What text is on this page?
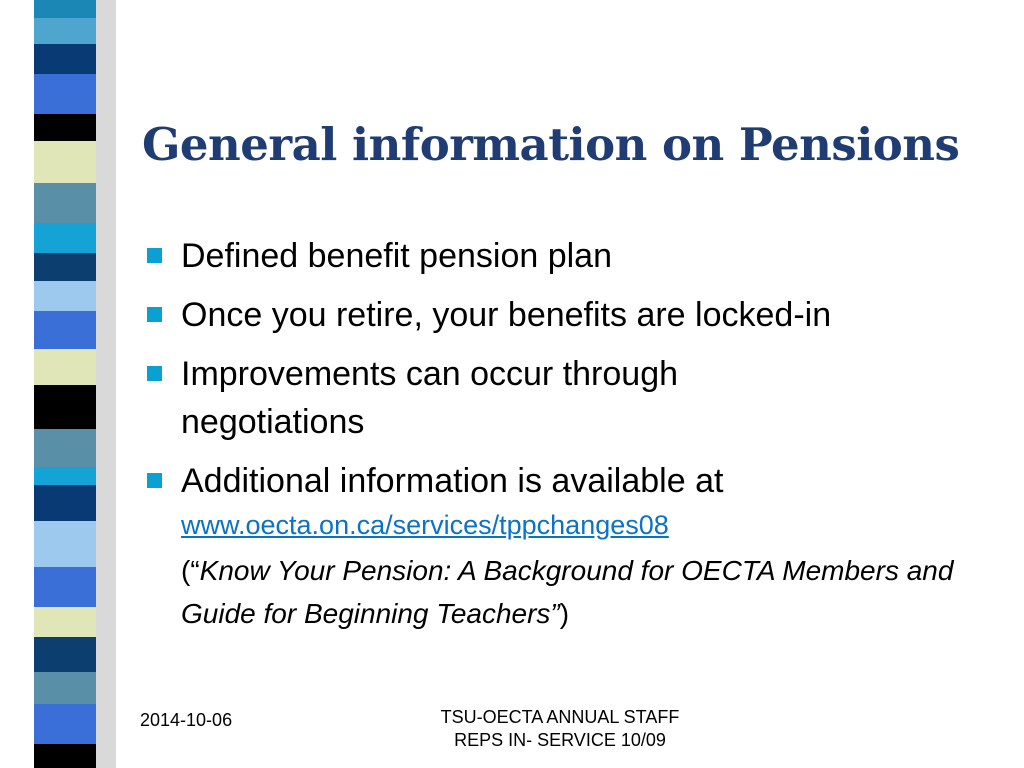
General information on Pensions
Defined benefit pension plan
Once you retire, your benefits are locked-in
Improvements can occur through negotiations
Additional information is available at
www.oecta.on.ca/services/tppchanges08
(“Know Your Pension: A Background for OECTA Members and Guide for Beginning Teachers”)
2014-10-06	TSU-OECTA ANNUAL STAFF
REPS IN- SERVICE 10/09
